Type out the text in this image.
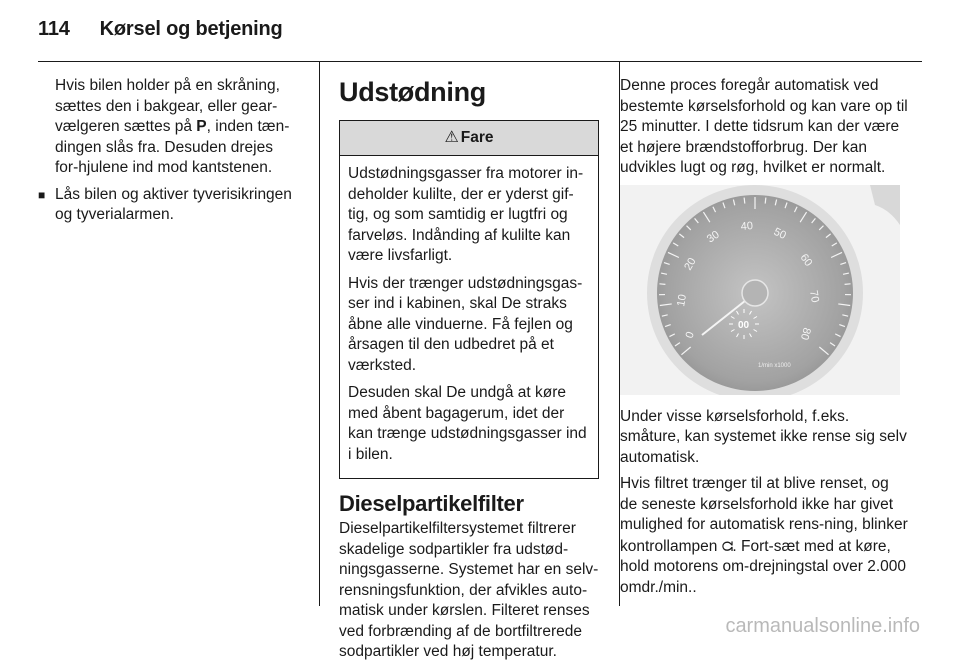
114 Kørsel og betjening

Hvis bilen holder på en skråning, sættes den i bakgear, eller gear-vælgeren sættes på P, inden tæn-dingen slås fra. Desuden drejes for-hjulene ind mod kantstenen.

■ Lås bilen og aktiver tyverisikringen og tyverialarmen.

Udstødning
⚠ Fare

Udstødningsgasser fra motorer in-deholder kulilte, der er yderst gif-tig, og som samtidig er lugtfri og farveløs. Indånding af kulilte kan være livsfarligt.

Hvis der trænger udstødningsgas-ser ind i kabinen, skal De straks åbne alle vinduerne. Få fejlen og årsagen til den udbedret på et værksted.

Desuden skal De undgå at køre med åbent bagagerum, idet der kan trænge udstødningsgasser ind i bilen.

Dieselpartikelfilter

Dieselpartikelfiltersystemet filtrerer skadelige sodpartikler fra udstød-ningsgasserne. Systemet har en selv-rensningsfunktion, der afvikles auto-matisk under kørslen. Filteret renses ved forbrænding af de bortfiltrerede sodpartikler ved høj temperatur.

Denne proces foregår automatisk ved bestemte kørselsforhold og kan vare op til 25 minutter. I dette tidsrum kan der være et højere brændstofforbrug. Der kan udvikles lugt og røg, hvilket er normalt.

0
10
20
30
40 50
60
70
80
00
1/min x1000

Under visse kørselsforhold, f.eks. småture, kan systemet ikke rense sig selv automatisk.

Hvis filtret trænger til at blive renset, og de seneste kørselsforhold ikke har givet mulighed for automatisk rens-ning, blinker kontrollampen ℧. Fort-sæt med at køre, hold motorens om-drejningstal over 2.000 omdr./min..

carmanualsonline.info
